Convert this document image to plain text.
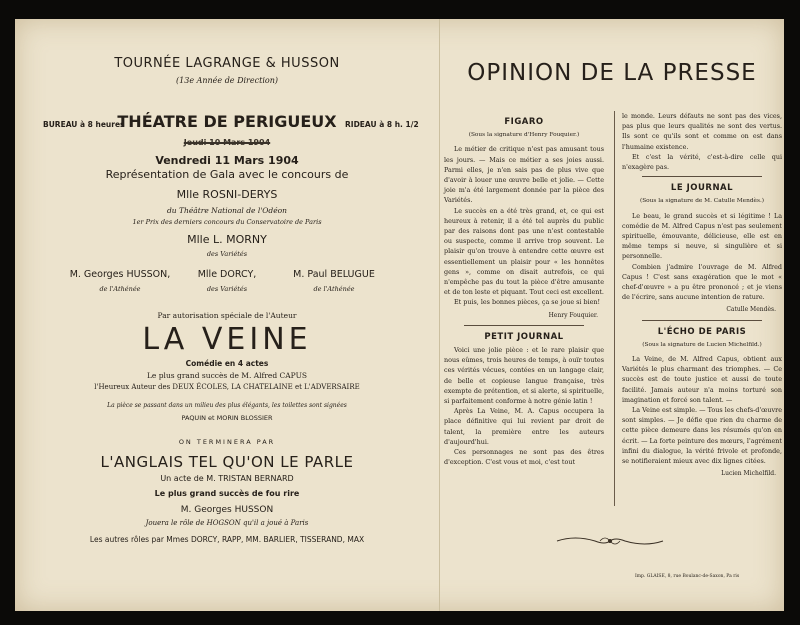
TOURNÉE LAGRANGE & HUSSON
(13e Année de Direction)
BUREAU à 8 heures
THÉATRE DE PERIGUEUX	RIDEAU à 8 h. 1/2
Jeudi 10 Mars 1904
Vendredi 11 Mars 1904
Représentation de Gala avec le concours de
Mlle ROSNI-DERYS
du Théâtre National de l'Odéon
1er Prix des derniers concours du Conservatoire de Paris
Mlle L. MORNY
des Variétés
M. Georges HUSSON,
de l'Athénée
Mlle DORCY,
des Variétés
M. Paul BELUGUE
de l'Athénée
Par autorisation spéciale de l'Auteur
LA VEINE
Comédie en 4 actes
Le plus grand succès de M. Alfred CAPUS
l'Heureux Auteur des DEUX ÉCOLES, LA CHATELAINE et L'ADVERSAIRE
La pièce se passant dans un milieu des plus élégants, les toilettes sont signées
PAQUIN et MORIN BLOSSIER
ON TERMINERA PAR
L'ANGLAIS TEL QU'ON LE PARLE
Un acte de M. TRISTAN BERNARD
Le plus grand succès de fou rire
M. Georges HUSSON
Jouera le rôle de HOGSON qu'il a joué à Paris
Les autres rôles par Mmes DORCY, RAPP, MM. BARLIER, TISSERAND, MAX
OPINION DE LA PRESSE
FIGARO

(Sous la signature d'Henry Fouquier.)

Le métier de critique n'est pas amusant tous les jours. — Mais ce métier a ses joies aussi. Parmi elles, je n'en sais pas de plus vive que d'avoir à louer une œuvre belle et jolie. — Cette joie m'a été largement donnée par la pièce des Variétés.

Le succès en a été très grand, et, ce qui est heureux à retenir, il a été tel auprès du public par des raisons dont pas une n'est contestable ou suspecte, comme il arrive trop souvent. Le plaisir qu'on trouve à entendre cette œuvre est essentiellement un plaisir pour « les honnêtes gens », comme on disait autrefois, ce qui n'empêche pas du tout la pièce d'être amusante et de ton leste et piquant. Tout ceci est excellent.

Et puis, les bonnes pièces, ça se joue si bien!

Henry Fouquier.

PETIT JOURNAL

Voici une jolie pièce : et le rare plaisir que nous eûmes, trois heures de temps, à ouïr toutes ces vérités vécues, contées en un langage clair, de belle et copieuse langue française, très exempte de prétention, et si alerte, si spirituelle, si parfaitement conforme à notre génie latin !

Après La Veine, M. A. Capus occupera la place définitive qui lui revient par droit de talent, la première entre les auteurs d'aujourd'hui.

Ces personnages ne sont pas des êtres d'exception. C'est vous et moi, c'est tout

le monde. Leurs défauts ne sont pas des vices, pas plus que leurs qualités ne sont des vertus. Ils sont ce qu'ils sont et comme on est dans l'humaine existence.

Et c'est la vérité, c'est-à-dire celle qui n'exagère pas.

LE JOURNAL

(Sous la signature de M. Catulle Mendès.)

Le beau, le grand succès et si légitime ! La comédie de M. Alfred Capus n'est pas seulement spirituelle, émouvante, délicieuse, elle est en même temps si neuve, si singulière et si personnelle.

Combien j'admire l'ouvrage de M. Alfred Capus ! C'est sans exagération que le mot « chef-d'œuvre » a pu être prononcé ; et je viens de l'écrire, sans aucune intention de rature.

Catulle Mendès.

L'ÉCHO DE PARIS

(Sous la signature de Lucien Michelfild.)

La Veine, de M. Alfred Capus, obtient aux Variétés le plus charmant des triomphes. — Ce succès est de toute justice et aussi de toute facilité. Jamais auteur n'a moins torturé son imagination et forcé son talent. —

La Veine est simple. — Tous les chefs-d'œuvre sont simples. — Je défie que rien du charme de cette pièce demeure dans les résumés qu'on en écrit. — La forte peinture des mœurs, l'agrément infini du dialogue, la vérité frivole et profonde, se notifieraient mieux avec dix lignes citées.

Lucien Michelfild.

Imp. GLAISE, 8, rue Boulanc-de-Saxon, Pa ris
